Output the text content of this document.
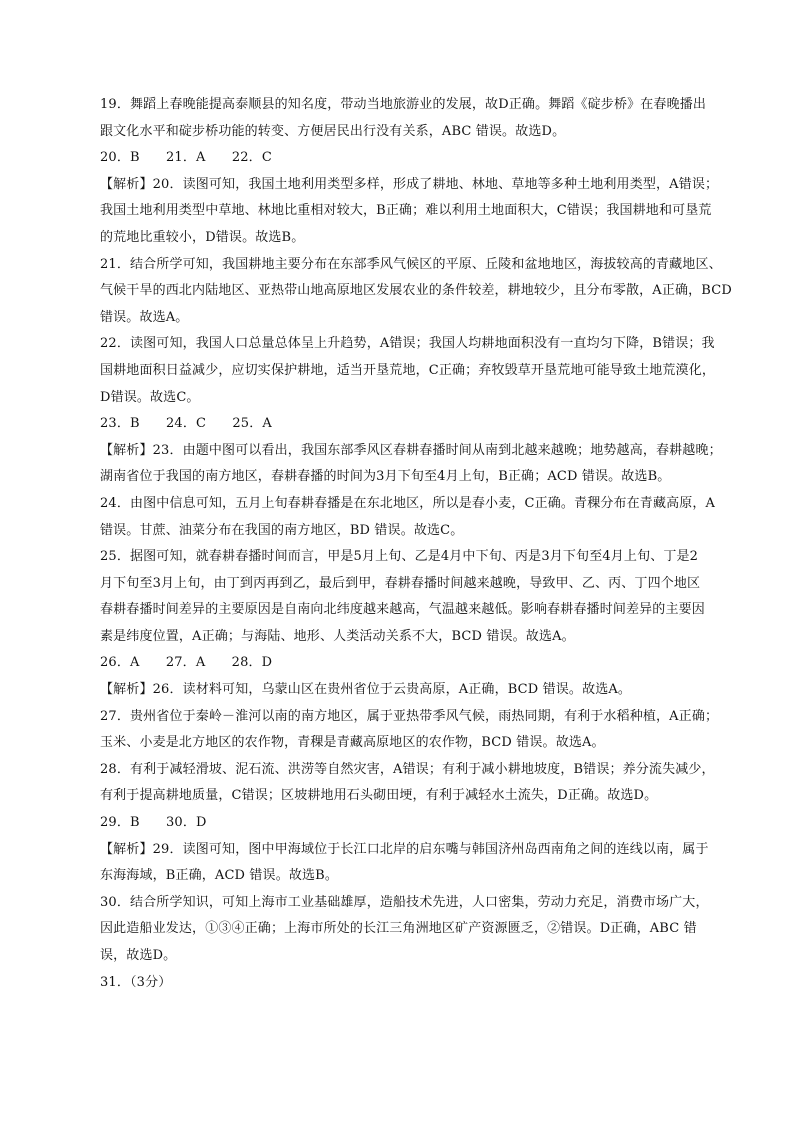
19．舞蹈上春晚能提高泰顺县的知名度，带动当地旅游业的发展，故D正确。舞蹈《碇步桥》在春晚播出
跟文化水平和碇步桥功能的转变、方便居民出行没有关系，ABC 错误。故选D。
20．B　　21．A　　22．C
【解析】20．读图可知，我国土地利用类型多样，形成了耕地、林地、草地等多种土地利用类型，A错误；
我国土地利用类型中草地、林地比重相对较大，B正确；难以利用土地面积大，C错误；我国耕地和可垦荒
的荒地比重较小，D错误。故选B。
21．结合所学可知，我国耕地主要分布在东部季风气候区的平原、丘陵和盆地地区，海拔较高的青藏地区、
气候干旱的西北内陆地区、亚热带山地高原地区发展农业的条件较差，耕地较少，且分布零散，A正确，BCD
错误。故选A。
22．读图可知，我国人口总量总体呈上升趋势，A错误；我国人均耕地面积没有一直均匀下降，B错误；我
国耕地面积日益减少，应切实保护耕地，适当开垦荒地，C正确；弃牧毁草开垦荒地可能导致土地荒漠化，
D错误。故选C。
23．B　　24．C　　25．A
【解析】23．由题中图可以看出，我国东部季风区春耕春播时间从南到北越来越晚；地势越高，春耕越晚；
湖南省位于我国的南方地区，春耕春播的时间为3月下旬至4月上旬，B正确；ACD 错误。故选B。
24．由图中信息可知，五月上旬春耕春播是在东北地区，所以是春小麦，C正确。青稞分布在青藏高原，A
错误。甘蔗、油菜分布在我国的南方地区，BD 错误。故选C。
25．据图可知，就春耕春播时间而言，甲是5月上旬、乙是4月中下旬、丙是3月下旬至4月上旬、丁是2
月下旬至3月上旬，由丁到丙再到乙，最后到甲，春耕春播时间越来越晚，导致甲、乙、丙、丁四个地区
春耕春播时间差异的主要原因是自南向北纬度越来越高，气温越来越低。影响春耕春播时间差异的主要因
素是纬度位置，A正确；与海陆、地形、人类活动关系不大，BCD 错误。故选A。
26．A　　27．A　　28．D
【解析】26．读材料可知，乌蒙山区在贵州省位于云贵高原，A正确，BCD 错误。故选A。
27．贵州省位于秦岭－淮河以南的南方地区，属于亚热带季风气候，雨热同期，有利于水稻种植，A正确；
玉米、小麦是北方地区的农作物，青稞是青藏高原地区的农作物，BCD 错误。故选A。
28．有利于减轻滑坡、泥石流、洪涝等自然灾害，A错误；有利于减小耕地坡度，B错误；养分流失减少，
有利于提高耕地质量，C错误；区坡耕地用石头砌田埂，有利于减轻水土流失，D正确。故选D。
29．B　　30．D
【解析】29．读图可知，图中甲海域位于长江口北岸的启东嘴与韩国济州岛西南角之间的连线以南，属于
东海海域，B正确，ACD 错误。故选B。
30．结合所学知识，可知上海市工业基础雄厚，造船技术先进，人口密集，劳动力充足，消费市场广大，
因此造船业发达，①③④正确；上海市所处的长江三角洲地区矿产资源匮乏，②错误。D正确，ABC 错
误，故选D。
31．（3分）
